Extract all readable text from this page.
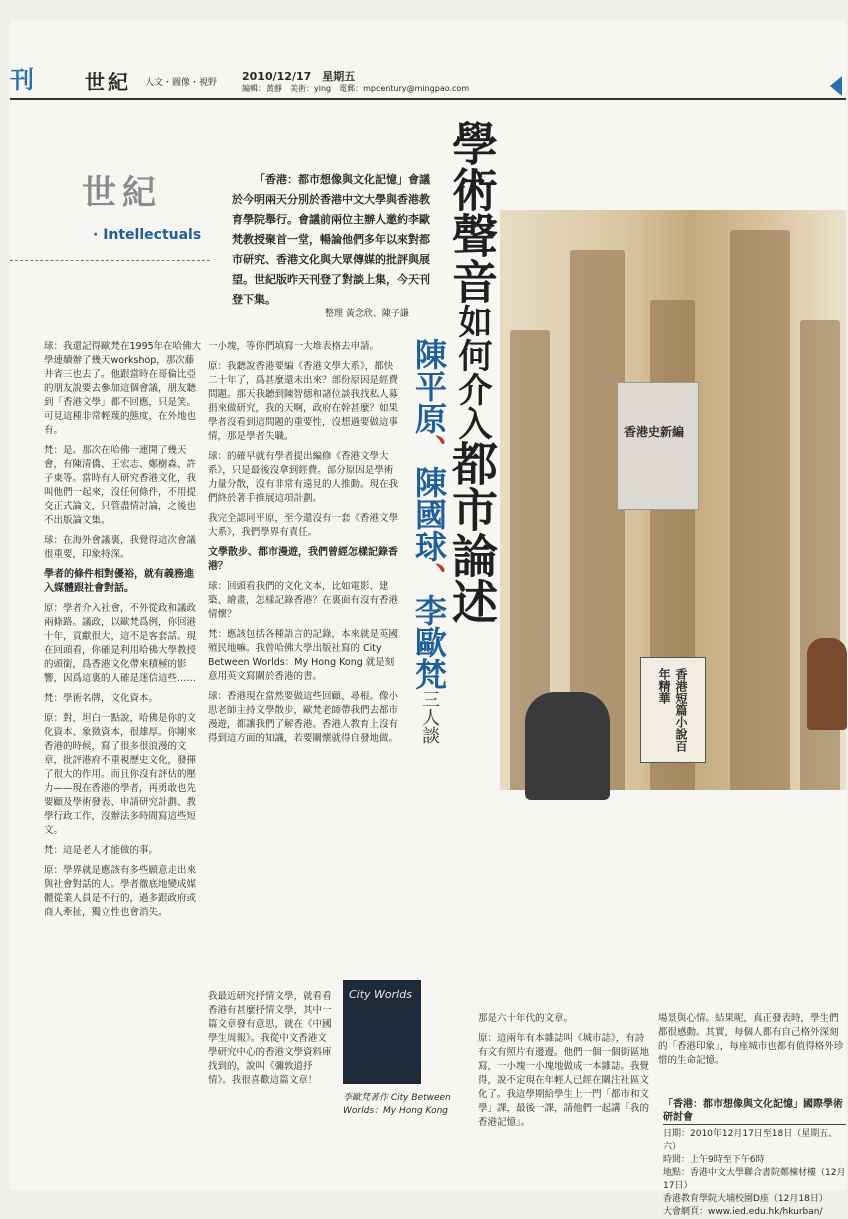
刊	世紀 人文・圖像・視野 2010/12/17　星期五
編輯：黃靜　美術：ying　電郵：mpcentury@mingpao.com
世紀
· Intellectuals
「香港：都市想像與文化記憶」會議於今明兩天分別於香港中文大學與香港教育學院舉行。會議前兩位主辦人邀約李歐梵教授聚首一堂，暢論他們多年以來對都市研究、香港文化與大眾傳媒的批評與展望。世紀版昨天刊登了對談上集，今天刊登下集。
整理 黃念欣、陳子謙
香港史新編
香港短篇小說百年精華
學術聲音如何介入都市論述
陳平原、陳國球、李歐梵三人談

球：我還記得歐梵在1995年在哈佛大學連續辦了幾天workshop，那次藤井省三也去了。他跟當時在哥倫比亞的朋友說要去參加這個會議，朋友聽到「香港文學」都不回應，只是笑。可見這種非常輕蔑的態度，在外地也有。

梵：是。那次在哈佛一連開了幾天會，有陳清僑、王宏志、鄭樹森、許子東等。當時有人研究香港文化，我叫他們一起來，沒任何條件，不用提交正式論文，只管盡情討論，之後也不出版論文集。

球：在海外會議裏，我覺得這次會議很重要，印象特深。

學者的條件相對優裕，就有義務進入媒體跟社會對話。

原：學者介入社會，不外從政和議政兩條路。議政，以歐梵爲例，你回港十年，貢獻很大，這不是客套話。現在回頭看，你確是利用哈佛大學教授的頭銜，爲香港文化帶來積極的影響，因爲這裏的人確是迷信這些……

梵：學術名牌，文化資本。

原：對，坦白一點說，哈佛是你的文化資本、象徵資本，很雄厚。你剛來香港的時候，寫了很多很浪漫的文章，批評港府不重視歷史文化，發揮了很大的作用。而且你沒有評估的壓力——現在香港的學者，再勇敢也先要顧及學術發表、申請研究計劃、教學行政工作，沒辦法多時間寫這些短文。

梵：這是老人才能做的事。

原：學界就是應該有多些願意走出來與社會對話的人。學者徹底地變成媒體從業人員是不行的，過多跟政府或商人牽扯，獨立性也會消失。

一小塊，等你們填寫一大堆表格去申請。

原：我聽說香港要編《香港文學大系》，都快二十年了，爲甚麼還未出來？部份原因是經費問題。那天我聽到陳智德和諸位談我找私人募捐來做研究，我的天啊，政府在幹甚麼？如果學者沒看到這問題的重要性，沒想過要做這事情，那是學者失職。

球：的確早就有學者提出編修《香港文學大系》，只是最後沒拿到經費。部分原因是學術力量分散，沒有非常有遠見的人推動。現在我們終於著手推展這項計劃。

我完全認同平原，至今還沒有一套《香港文學大系》，我們學界有責任。

文學散步、都市漫遊，我們曾經怎樣記錄香港？

球：回頭看我們的文化文本，比如電影、建築、繪畫，怎樣記錄香港？在裏面有沒有香港情懷？

梵：應該包括各種語言的記錄，本來就是英國殖民地嘛。我曾哈佛大學出版社寫的 City Between Worlds：My Hong Kong 就是刻意用英文寫關於香港的書。

球：香港現在當然要做這些回顧、尋根。像小思老師主持文學散步，歐梵老師帶我們去都市漫遊，都讓我們了解香港。香港人教育上沒有得到這方面的知識，若要關懷就得自發地做。

我最近研究抒情文學，就看看香港有甚麼抒情文學，其中一篇文章發有意思，就在《中國學生周報》。我從中文香港文學研究中心的香港文學資料庫找到的，說叫《彌敦道抒情》。我很喜歡這篇文章！

City Worlds
李歐梵著作 City Between Worlds：My Hong Kong

那是六十年代的文章。

原：這兩年有本雜誌叫《城市誌》，有詩有文有照片有邊邊。他們一個一個街區地寫，一小塊一小塊地做成一本雜誌。我覺得，說不定現在年輕人已經在關注社區文化了。我這學期給學生上一門「都市和文學」課，最後一課，請他們一起講「我的香港記憶」。

場景與心情。結果呢，真正發表時，學生們都很感動。其實，每個人都有自己格外深刻的「香港印象」，每座城市也都有值得格外珍惜的生命記憶。

「香港：都市想像與文化記憶」國際學術研討會
日期：2010年12月17日至18日（星期五、六）
時間：上午9時至下午6時
地點：香港中文大學聯合書院鄭棟材樓（12月17日）
香港教育學院大埔校園D座（12月18日）
大會網頁：www.ied.edu.hk/hkurban/
